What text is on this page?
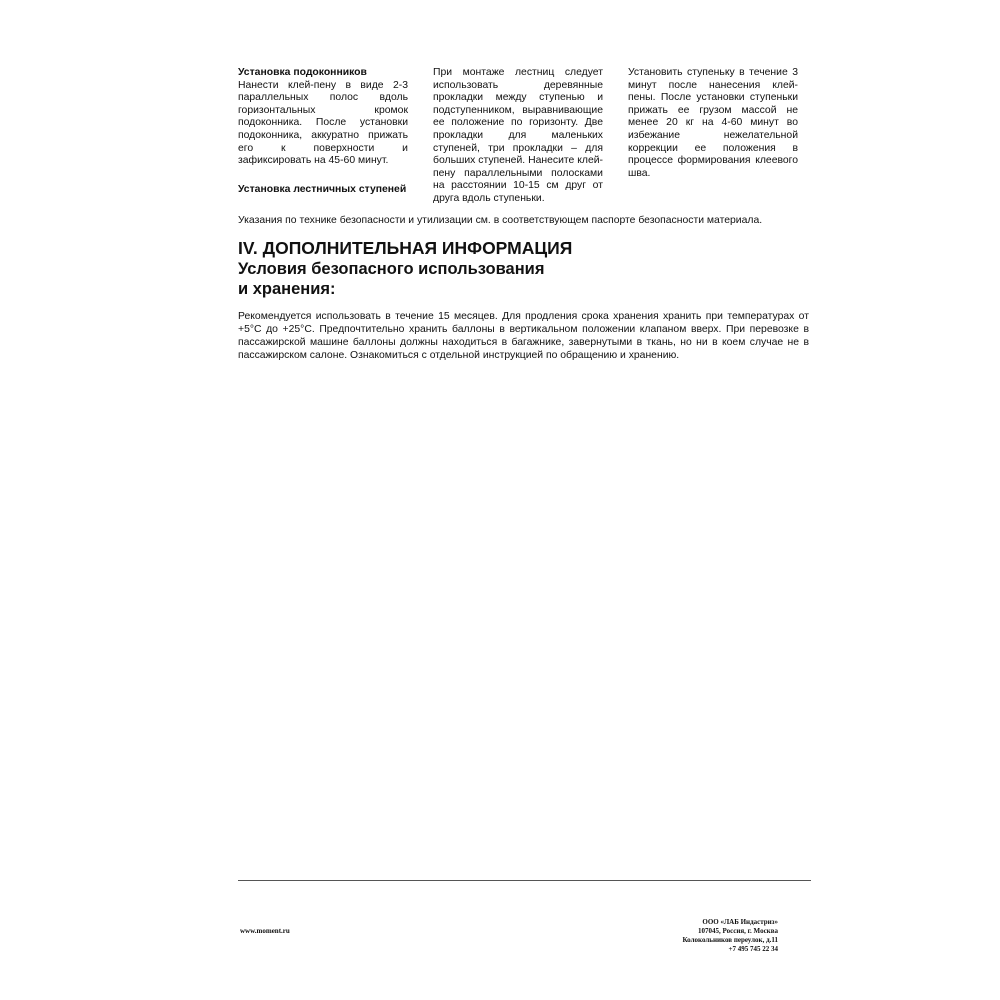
Установка подоконников

Нанести клей-пену в виде 2-3 параллельных полос вдоль горизонтальных кромок подоконника. После установки подоконника, аккуратно прижать его к поверхности и зафиксировать на 45-60 минут.

Установка лестничных ступеней

При монтаже лестниц следует использовать деревянные прокладки между ступенью и подступенником, выравнивающие ее положение по горизонту. Две прокладки для маленьких ступеней, три прокладки – для больших ступеней. Нанесите клей-пену параллельными полосками на расстоянии 10-15 см друг от друга вдоль ступеньки.

Установить ступеньку в течение 3 минут после нанесения клей-пены. После установки ступеньки прижать ее грузом массой не менее 20 кг на 4-60 минут во избежание нежелательной коррекции ее положения в процессе формирования клеевого шва.

Указания по технике безопасности и утилизации см. в соответствующем паспорте безопасности материала.

IV. ДОПОЛНИТЕЛЬНАЯ ИНФОРМАЦИЯ
Условия безопасного использования и хранения:

Рекомендуется использовать в течение 15 месяцев. Для продления срока хранения хранить при температурах от +5°C до +25°C. Предпочтительно хранить баллоны в вертикальном положении клапаном вверх. При перевозке в пассажирской машине баллоны должны находиться в багажнике, завернутыми в ткань, но ни в коем случае не в пассажирском салоне. Ознакомиться с отдельной инструкцией по обращению и хранению.

www.moment.ru
ООО «ЛАБ Индастриз»
107045, Россия, г. Москва
Колокольников переулок, д.11
+7 495 745 22 34
